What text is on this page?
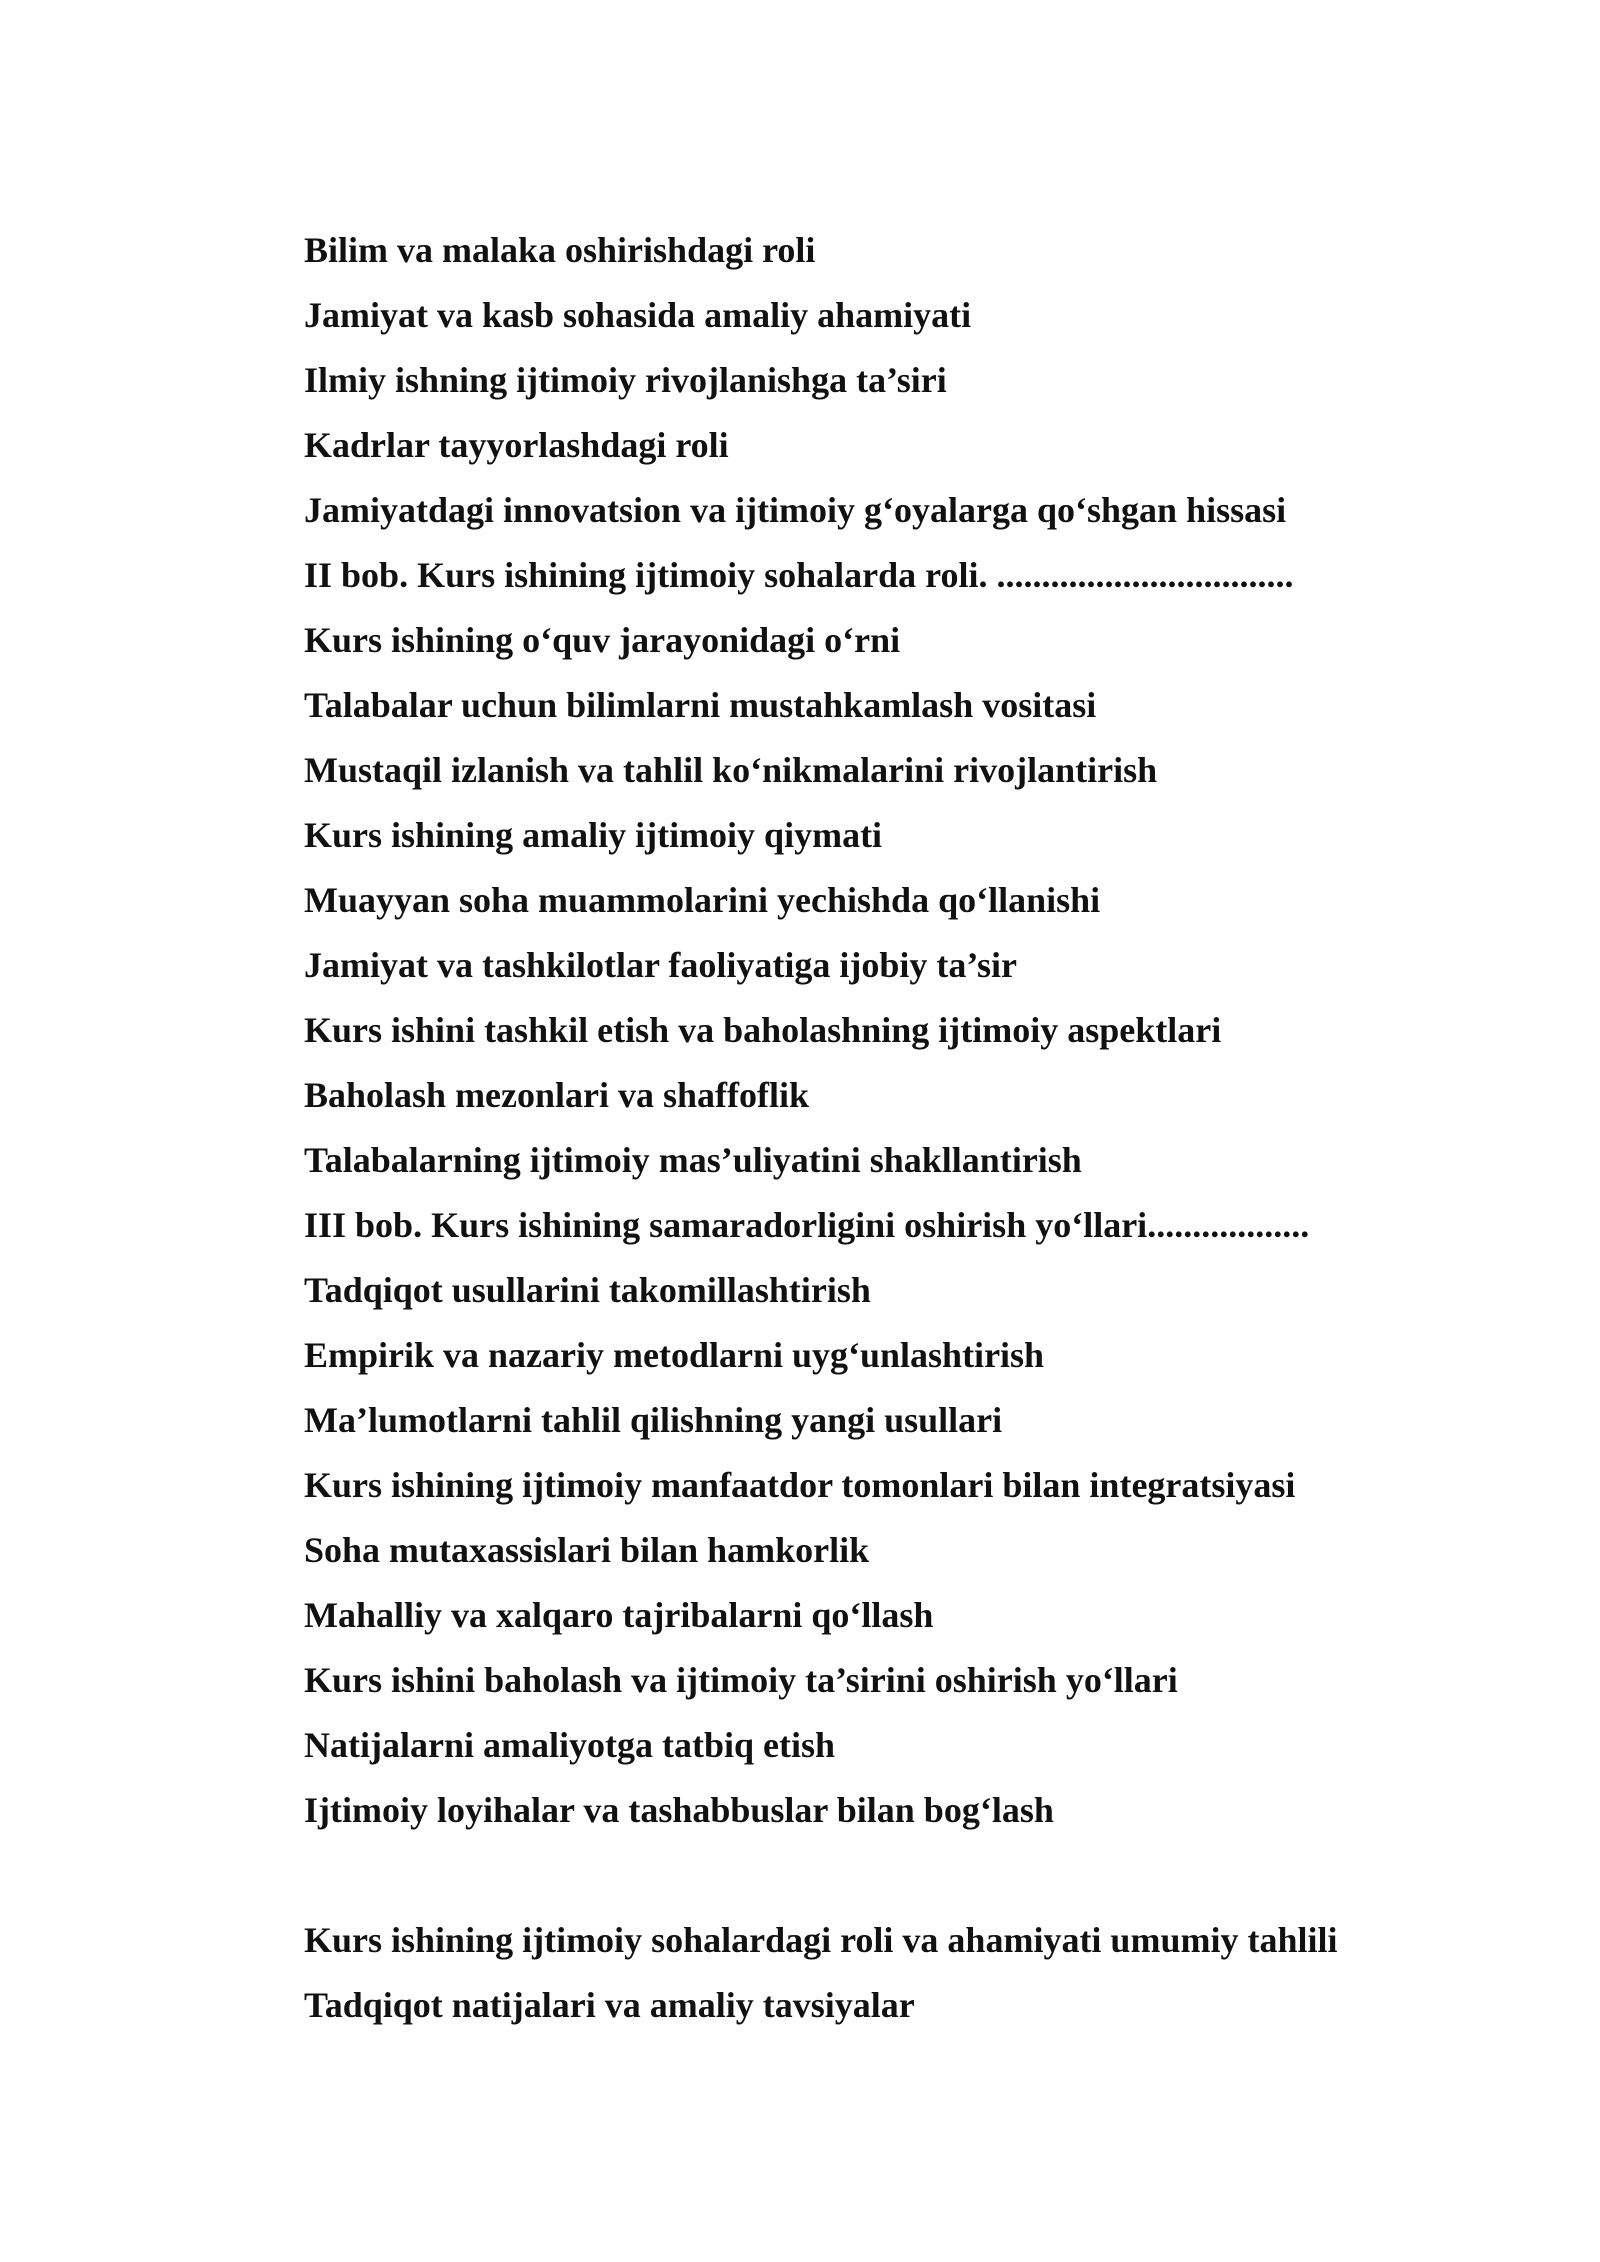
Bilim va malaka oshirishdagi roli
Jamiyat va kasb sohasida amaliy ahamiyati
Ilmiy ishning ijtimoiy rivojlanishga ta’siri
Kadrlar tayyorlashdagi roli
Jamiyatdagi innovatsion va ijtimoiy g‘oyalarga qo‘shgan hissasi
II bob. Kurs ishining ijtimoiy sohalarda roli. .................................
Kurs ishining o‘quv jarayonidagi o‘rni
Talabalar uchun bilimlarni mustahkamlash vositasi
Mustaqil izlanish va tahlil ko‘nikmalarini rivojlantirish
Kurs ishining amaliy ijtimoiy qiymati
Muayyan soha muammolarini yechishda qo‘llanishi
Jamiyat va tashkilotlar faoliyatiga ijobiy ta’sir
Kurs ishini tashkil etish va baholashning ijtimoiy aspektlari
Baholash mezonlari va shaffoflik
Talabalarning ijtimoiy mas’uliyatini shakllantirish
III bob. Kurs ishining samaradorligini oshirish yo‘llari..................
Tadqiqot usullarini takomillashtirish
Empirik va nazariy metodlarni uyg‘unlashtirish
Ma’lumotlarni tahlil qilishning yangi usullari
Kurs ishining ijtimoiy manfaatdor tomonlari bilan integratsiyasi
Soha mutaxassislari bilan hamkorlik
Mahalliy va xalqaro tajribalarni qo‘llash
Kurs ishini baholash va ijtimoiy ta’sirini oshirish yo‘llari
Natijalarni amaliyotga tatbiq etish
Ijtimoiy loyihalar va tashabbuslar bilan bog‘lash
Kurs ishining ijtimoiy sohalardagi roli va ahamiyati umumiy tahlili
Tadqiqot natijalari va amaliy tavsiyalar
